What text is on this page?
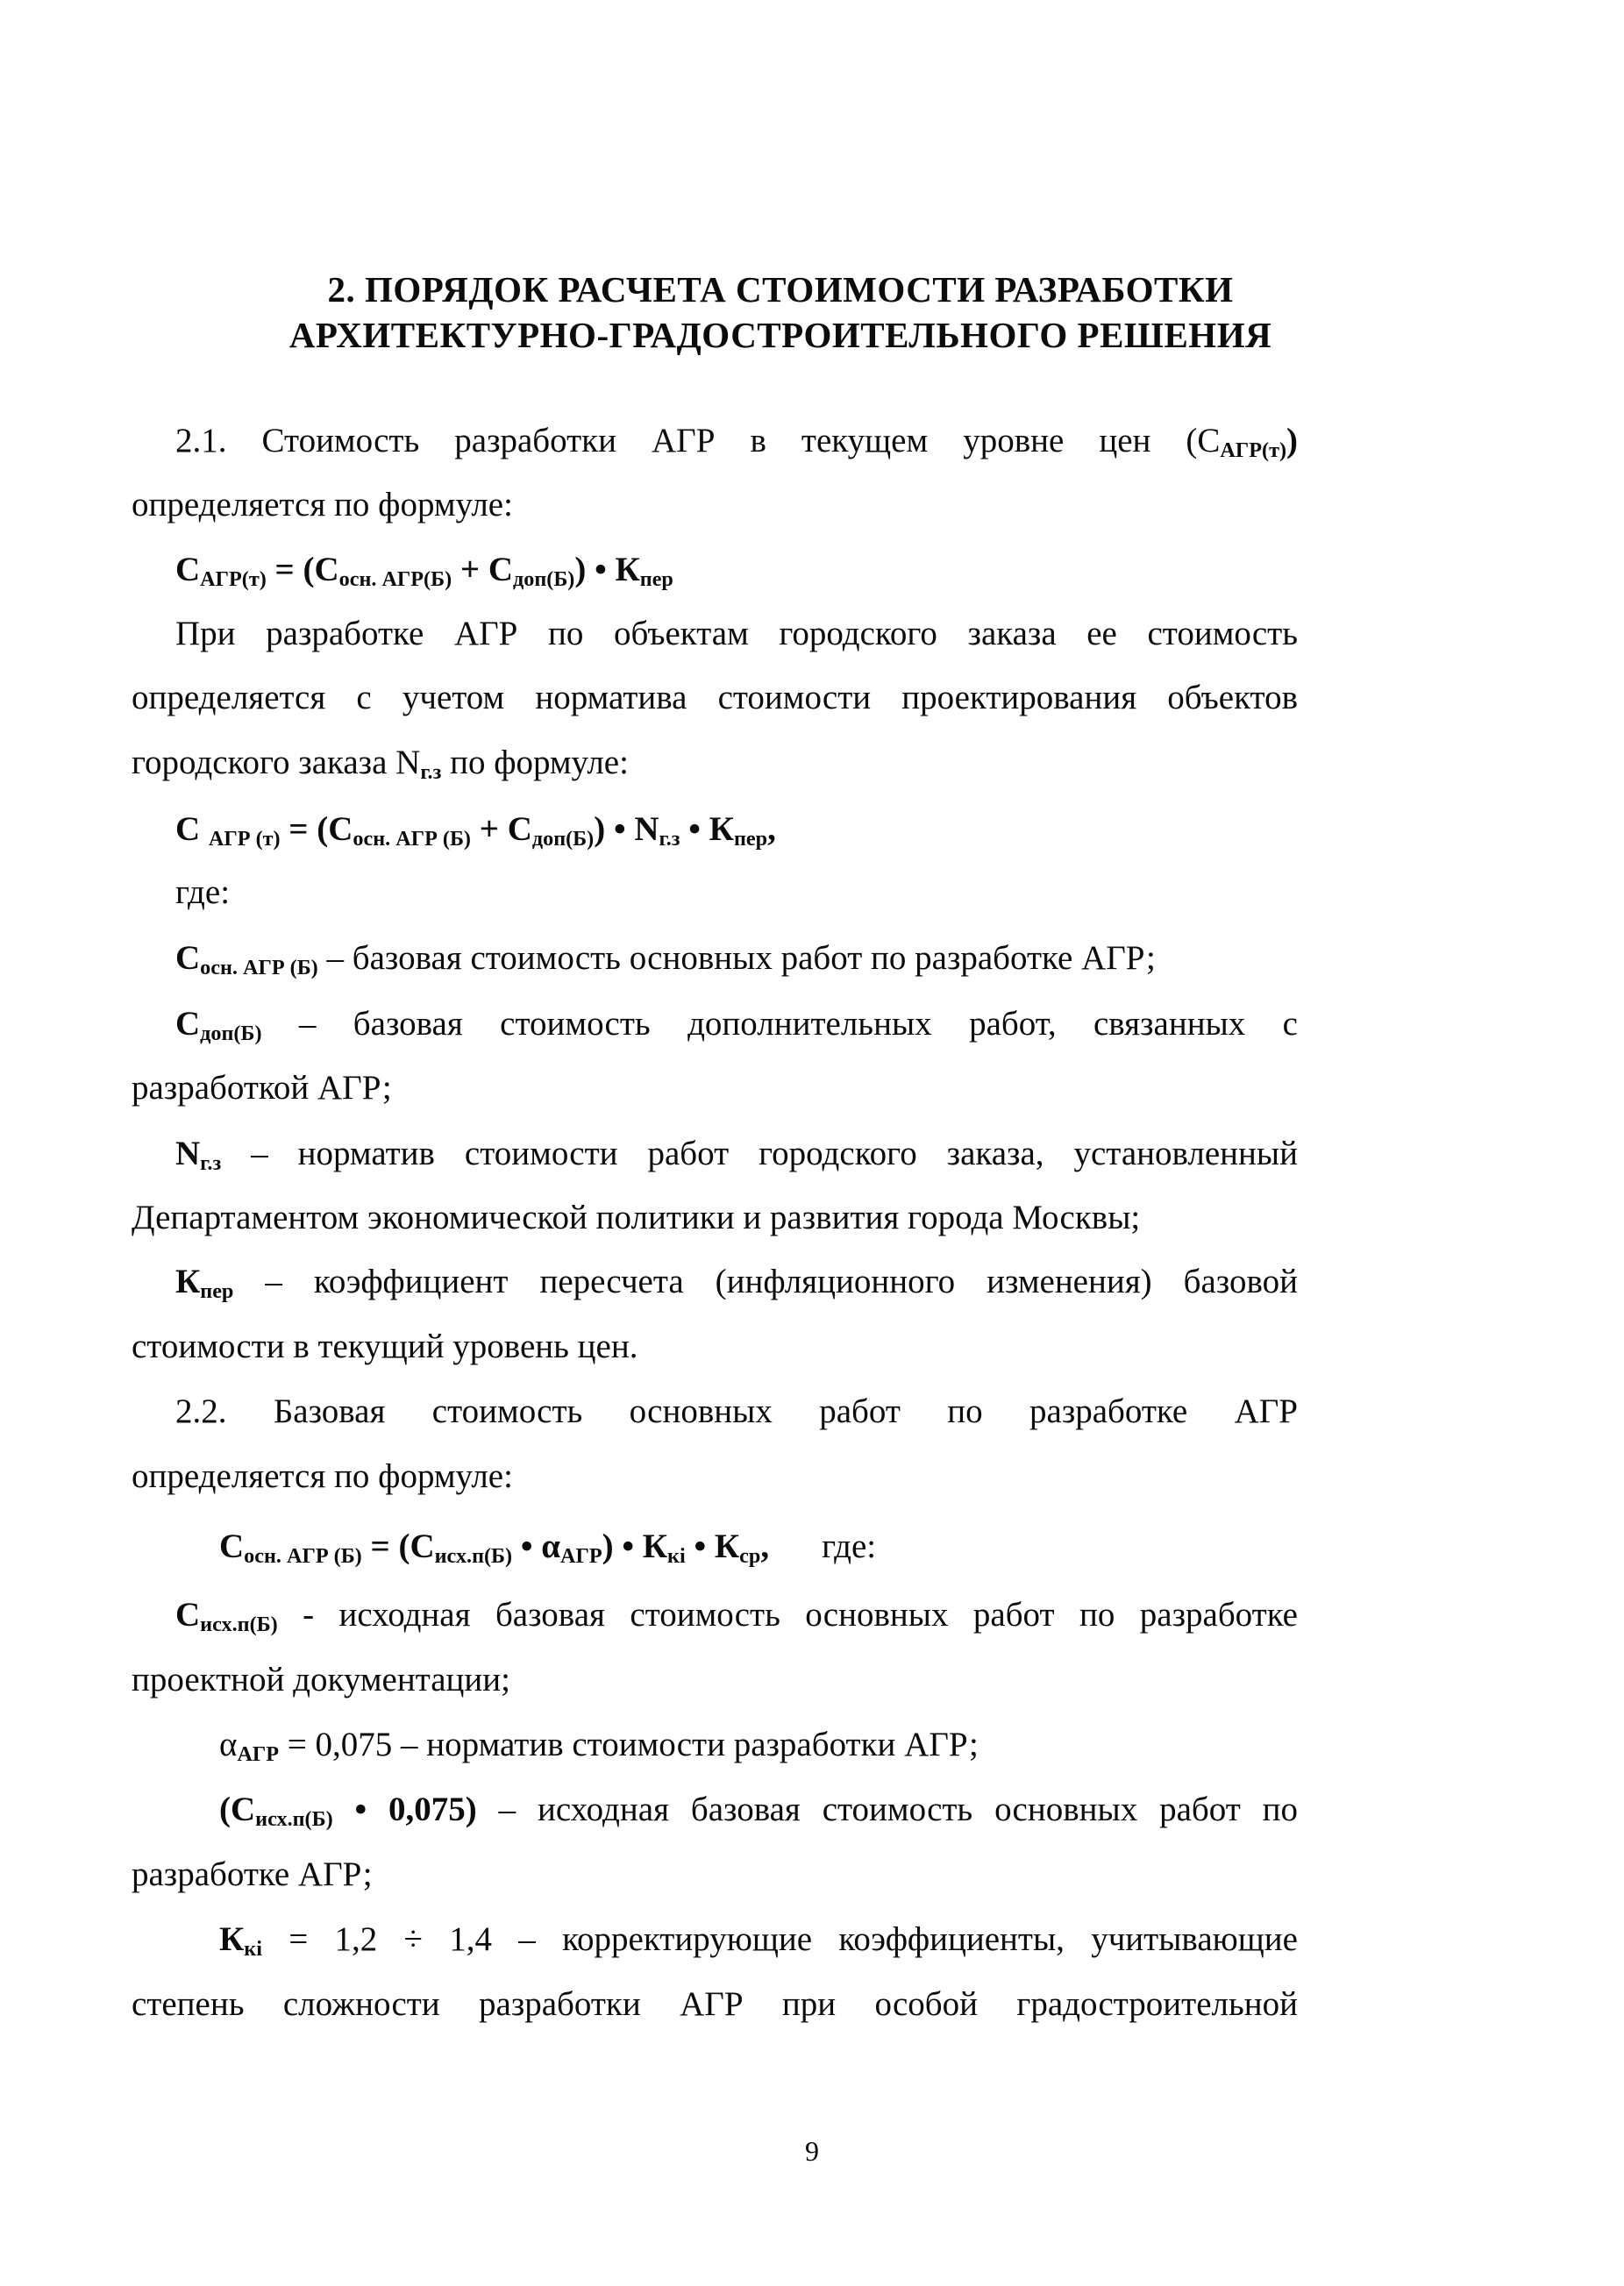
2. ПОРЯДОК РАСЧЕТА СТОИМОСТИ РАЗРАБОТКИ
АРХИТЕКТУРНО-ГРАДОСТРОИТЕЛЬНОГО РЕШЕНИЯ
2.1. Стоимость разработки АГР в текущем уровне цен $(С_{АГР(т)})$
определяется по формуле:
$С_{АГР(т)} = (С_{осн. АГР(Б)} + С_{доп(Б)})$ • $К_{пер}$
При разработке АГР по объектам городского заказа ее стоимость
определяется с учетом норматива стоимости проектирования объектов
городского заказа $N_{г.з}$ по формуле:
С $_{АГР (т)} = (С_{осн. АГР (Б)} + С_{доп(Б)})$ • $N_{г.з}$ • $К_{пер}$,
где:
$С_{осн. АГР (Б)}$ – базовая стоимость основных работ по разработке АГР;
$С_{доп(Б)}$ – базовая стоимость дополнительных работ, связанных с
разработкой АГР;
$N_{г.з}$ – норматив стоимости работ городского заказа, установленный
Департаментом экономической политики и развития города Москвы;
$К_{пер}$ – коэффициент пересчета (инфляционного изменения) базовой
стоимости в текущий уровень цен.
2.2. Базовая стоимость основных работ по разработке АГР
определяется по формуле:
$С_{осн. АГР (Б)} = (С_{исх.п(Б)}$ • $\alpha_{АГР}$) • $К_{кi}$ • $К_{ср}$, где:
$С_{исх.п(Б)}$ - исходная базовая стоимость основных работ по разработке
проектной документации;
$\alpha_{АГР} = 0,075$ – норматив стоимости разработки АГР;
($С_{исх.п(Б)}$ • 0,075) – исходная базовая стоимость основных работ по
разработке АГР;
$К_{кi} = 1,2 \div 1,4$ – корректирующие коэффициенты, учитывающие
степень сложности разработки АГР при особой градостроительной
9
